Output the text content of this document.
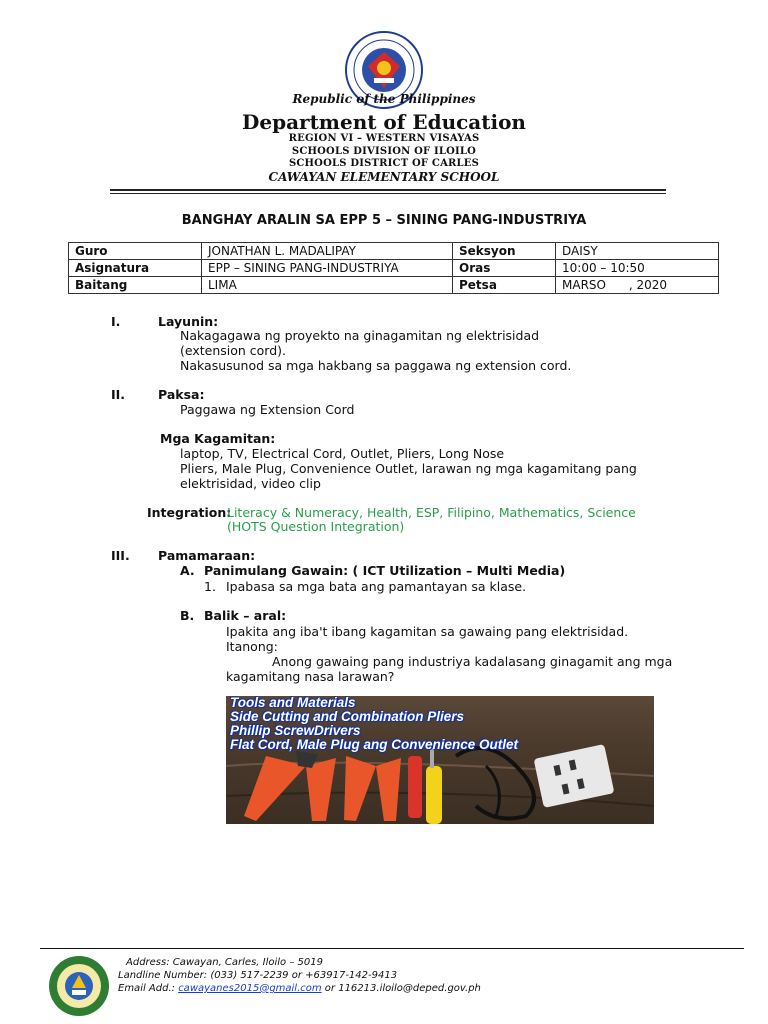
Republic of the Philippines
Department of Education
REGION VI – WESTERN VISAYAS
SCHOOLS DIVISION OF ILOILO
SCHOOLS DISTRICT OF CARLES
CAWAYAN ELEMENTARY SCHOOL
BANGHAY ARALIN SA EPP 5 – SINING PANG-INDUSTRIYA
Guro	JONATHAN L. MADALIPAY	Seksyon	DAISY
Asignatura	EPP – SINING PANG-INDUSTRIYA	Oras	10:00 – 10:50
Baitang	LIMA	Petsa	MARSO      , 2020
I.	Layunin:
Nakagagawa ng proyekto na ginagamitan ng elektrisidad
(extension cord).
Nakasusunod sa mga hakbang sa paggawa ng extension cord.
II.	Paksa:
Paggawa ng Extension Cord
Mga Kagamitan:
laptop, TV, Electrical Cord, Outlet, Pliers, Long Nose
Pliers, Male Plug, Convenience Outlet, larawan ng mga kagamitang pang
elektrisidad, video clip
Integration:
Literacy & Numeracy, Health, ESP, Filipino, Mathematics, Science
(HOTS Question Integration)
III. Pamamaraan:
A. Panimulang Gawain: ( ICT Utilization – Multi Media)
1. Ipabasa sa mga bata ang pamantayan sa klase.
B. Balik – aral:
Ipakita ang iba't ibang kagamitan sa gawaing pang elektrisidad.
Itanong:
Anong gawaing pang industriya kadalasang ginagamit ang mga
kagamitang nasa larawan?
Tools and Materials
Side Cutting and Combination Pliers
Phillip ScrewDrivers
Flat Cord, Male Plug ang Convenience Outlet
Address: Cawayan, Carles, Iloilo – 5019
Landline Number: (033) 517-2239 or +63917-142-9413
Email Add.: cawayanes2015@gmail.com or 116213.iloilo@deped.gov.ph
